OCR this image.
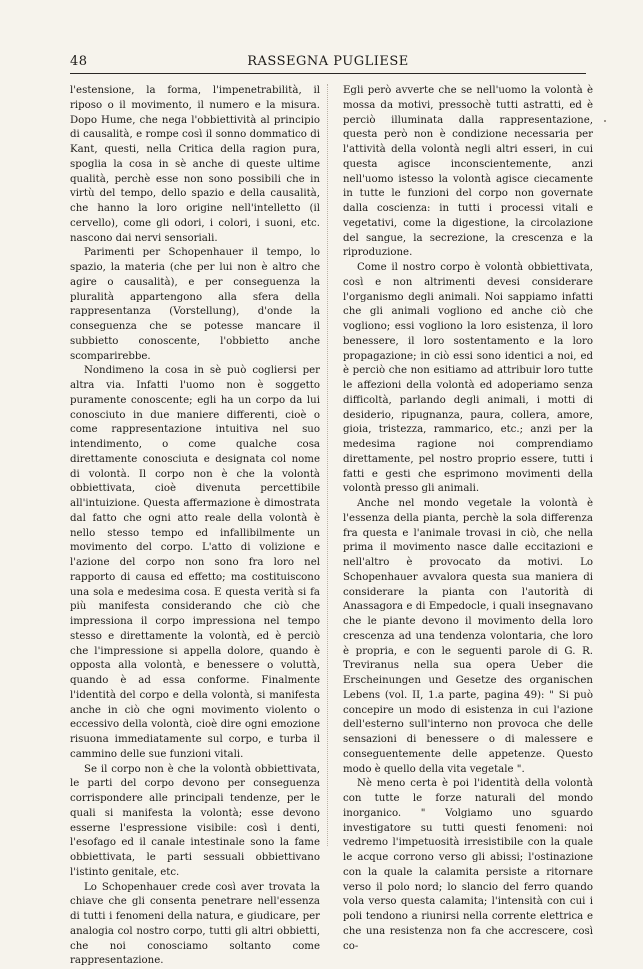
48	RASSEGNA PUGLIESE

l'estensione, la forma, l'impenetrabilità, il riposo o il movimento, il numero e la misura. Dopo Hume, che nega l'obbiettività al principio di causalità, e rompe così il sonno dommatico di Kant, questi, nella Critica della ragion pura, spoglia la cosa in sè anche di queste ultime qualità, perchè esse non sono possibili che in virtù del tempo, dello spazio e della causalità, che hanno la loro origine nell'intelletto (il cervello), come gli odori, i colori, i suoni, etc. nascono dai nervi sensoriali.

Parimenti per Schopenhauer il tempo, lo spazio, la materia (che per lui non è altro che agire o causalità), e per conseguenza la pluralità appartengono alla sfera della rappresentanza (Vorstellung), d'onde la conseguenza che se potesse mancare il subbietto conoscente, l'obbietto anche scomparirebbe.

Nondimeno la cosa in sè può cogliersi per altra via. Infatti l'uomo non è soggetto puramente conoscente; egli ha un corpo da lui conosciuto in due maniere differenti, cioè o come rappresentazione intuitiva nel suo intendimento, o come qualche cosa direttamente conosciuta e designata col nome di volontà. Il corpo non è che la volontà obbiettivata, cioè divenuta percettibile all'intuizione. Questa affermazione è dimostrata dal fatto che ogni atto reale della volontà è nello stesso tempo ed infallibilmente un movimento del corpo. L'atto di volizione e l'azione del corpo non sono fra loro nel rapporto di causa ed effetto; ma costituiscono una sola e medesima cosa. E questa verità si fa più manifesta considerando che ciò che impressiona il corpo impressiona nel tempo stesso e direttamente la volontà, ed è perciò che l'impressione si appella dolore, quando è opposta alla volontà, e benessere o voluttà, quando è ad essa conforme. Finalmente l'identità del corpo e della volontà, si manifesta anche in ciò che ogni movimento violento o eccessivo della volontà, cioè dire ogni emozione risuona immediatamente sul corpo, e turba il cammino delle sue funzioni vitali.

Se il corpo non è che la volontà obbiettivata, le parti del corpo devono per conseguenza corrispondere alle principali tendenze, per le quali si manifesta la volontà; esse devono esserne l'espressione visibile: così i denti, l'esofago ed il canale intestinale sono la fame obbiettivata, le parti sessuali obbiettivano l'istinto genitale, etc.

Lo Schopenhauer crede così aver trovata la chiave che gli consenta penetrare nell'essenza di tutti i fenomeni della natura, e giudicare, per analogia col nostro corpo, tutti gli altri obbietti, che noi conosciamo soltanto come rappresentazione.

Egli però avverte che se nell'uomo la volontà è mossa da motivi, pressochè tutti astratti, ed è perciò illuminata dalla rappresentazione, questa però non è condizione necessaria per l'attività della volontà negli altri esseri, in cui questa agisce inconscientemente, anzi nell'uomo istesso la volontà agisce ciecamente in tutte le funzioni del corpo non governate dalla coscienza: in tutti i processi vitali e vegetativi, come la digestione, la circolazione del sangue, la secrezione, la crescenza e la riproduzione.

Come il nostro corpo è volontà obbiettivata, così e non altrimenti devesi considerare l'organismo degli animali. Noi sappiamo infatti che gli animali vogliono ed anche ciò che vogliono; essi vogliono la loro esistenza, il loro benessere, il loro sostentamento e la loro propagazione; in ciò essi sono identici a noi, ed è perciò che non esitiamo ad attribuir loro tutte le affezioni della volontà ed adoperiamo senza difficoltà, parlando degli animali, i motti di desiderio, ripugnanza, paura, collera, amore, gioia, tristezza, rammarico, etc.; anzi per la medesima ragione noi comprendiamo direttamente, pel nostro proprio essere, tutti i fatti e gesti che esprimono movimenti della volontà presso gli animali.

Anche nel mondo vegetale la volontà è l'essenza della pianta, perchè la sola differenza fra questa e l'animale trovasi in ciò, che nella prima il movimento nasce dalle eccitazioni e nell'altro è provocato da motivi. Lo Schopenhauer avvalora questa sua maniera di considerare la pianta con l'autorità di Anassagora e di Empedocle, i quali insegnavano che le piante devono il movimento della loro crescenza ad una tendenza volontaria, che loro è propria, e con le seguenti parole di G. R. Treviranus nella sua opera Ueber die Erscheinungen und Gesetze des organischen Lebens (vol. II, 1.a parte, pagina 49): " Si può concepire un modo di esistenza in cui l'azione dell'esterno sull'interno non provoca che delle sensazioni di benessere o di malessere e conseguentemente delle appetenze. Questo modo è quello della vita vegetale ".

Nè meno certa è poi l'identità della volontà con tutte le forze naturali del mondo inorganico. " Volgiamo uno sguardo investigatore su tutti questi fenomeni: noi vedremo l'impetuosità irresistibile con la quale le acque corrono verso gli abissi; l'ostinazione con la quale la calamita persiste a ritornare verso il polo nord; lo slancio del ferro quando vola verso questa calamita; l'intensità con cui i poli tendono a riunirsi nella corrente elettrica e che una resistenza non fa che accrescere, così co-
